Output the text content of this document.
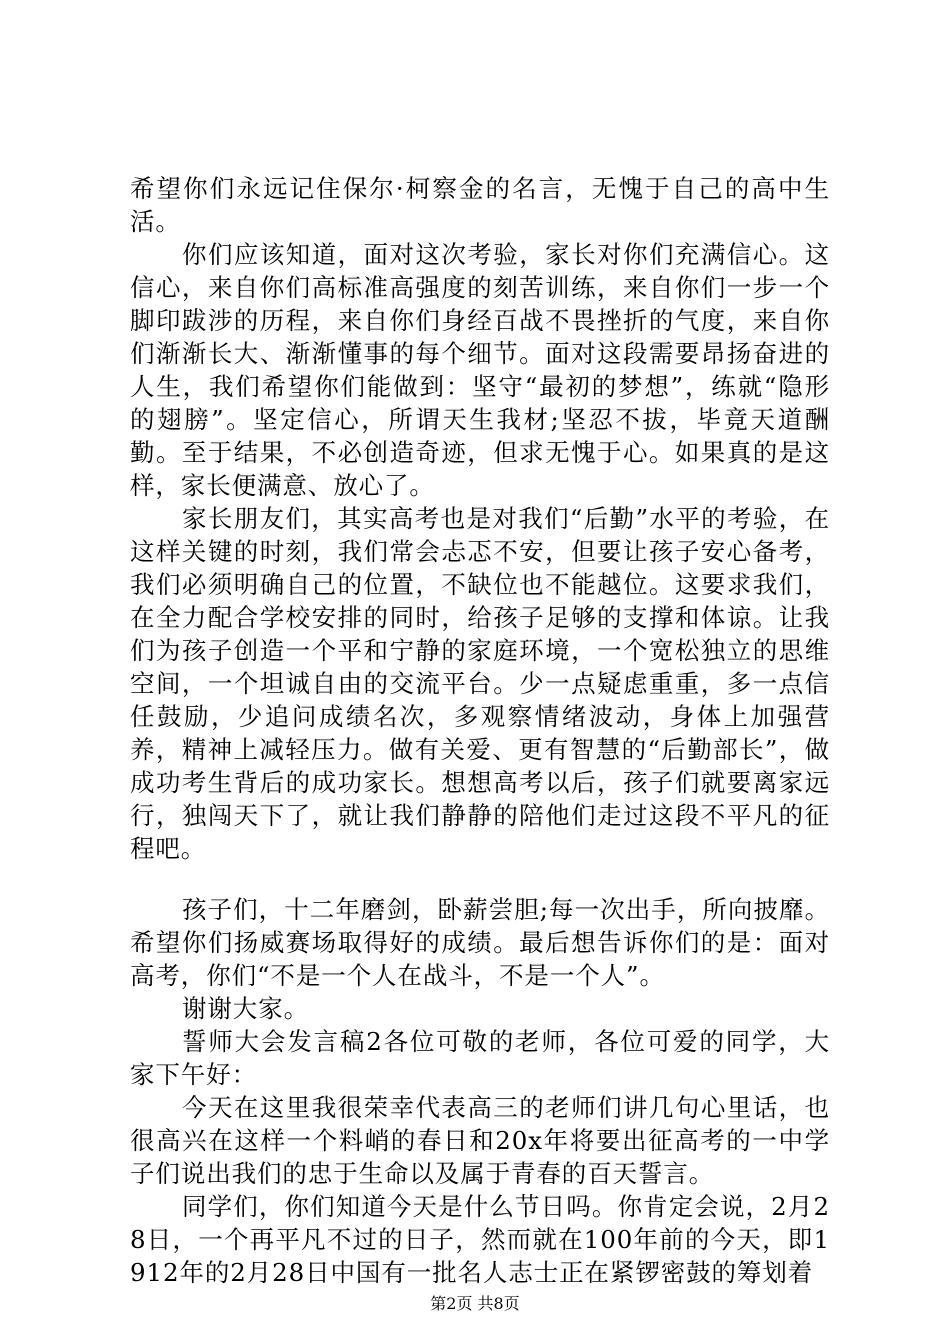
希望你们永远记住保尔·柯察金的名言，无愧于自己的高中生活。

你们应该知道，面对这次考验，家长对你们充满信心。这信心，来自你们高标准高强度的刻苦训练，来自你们一步一个脚印跋涉的历程，来自你们身经百战不畏挫折的气度，来自你们渐渐长大、渐渐懂事的每个细节。面对这段需要昂扬奋进的人生，我们希望你们能做到：坚守“最初的梦想”，练就“隐形的翅膀”。坚定信心，所谓天生我材;坚忍不拔，毕竟天道酬勤。至于结果，不必创造奇迹，但求无愧于心。如果真的是这样，家长便满意、放心了。

家长朋友们，其实高考也是对我们“后勤”水平的考验，在这样关键的时刻，我们常会忐忑不安，但要让孩子安心备考，我们必须明确自己的位置，不缺位也不能越位。这要求我们，在全力配合学校安排的同时，给孩子足够的支撑和体谅。让我们为孩子创造一个平和宁静的家庭环境，一个宽松独立的思维空间，一个坦诚自由的交流平台。少一点疑虑重重，多一点信任鼓励，少追问成绩名次，多观察情绪波动，身体上加强营养，精神上减轻压力。做有关爱、更有智慧的“后勤部长”，做成功考生背后的成功家长。想想高考以后，孩子们就要离家远行，独闯天下了，就让我们静静的陪他们走过这段不平凡的征程吧。

孩子们，十二年磨剑，卧薪尝胆;每一次出手，所向披靡。希望你们扬威赛场取得好的成绩。最后想告诉你们的是：面对高考，你们“不是一个人在战斗，不是一个人”。

谢谢大家。

誓师大会发言稿2各位可敬的老师，各位可爱的同学，大家下午好：

今天在这里我很荣幸代表高三的老师们讲几句心里话，也很高兴在这样一个料峭的春日和20x年将要出征高考的一中学子们说出我们的忠于生命以及属于青春的百天誓言。

同学们，你们知道今天是什么节日吗。你肯定会说，2月28日，一个再平凡不过的日子，然而就在100年前的今天，即1912年的2月28日中国有一批名人志士正在紧锣密鼓的筹划着

第2页 共8页
